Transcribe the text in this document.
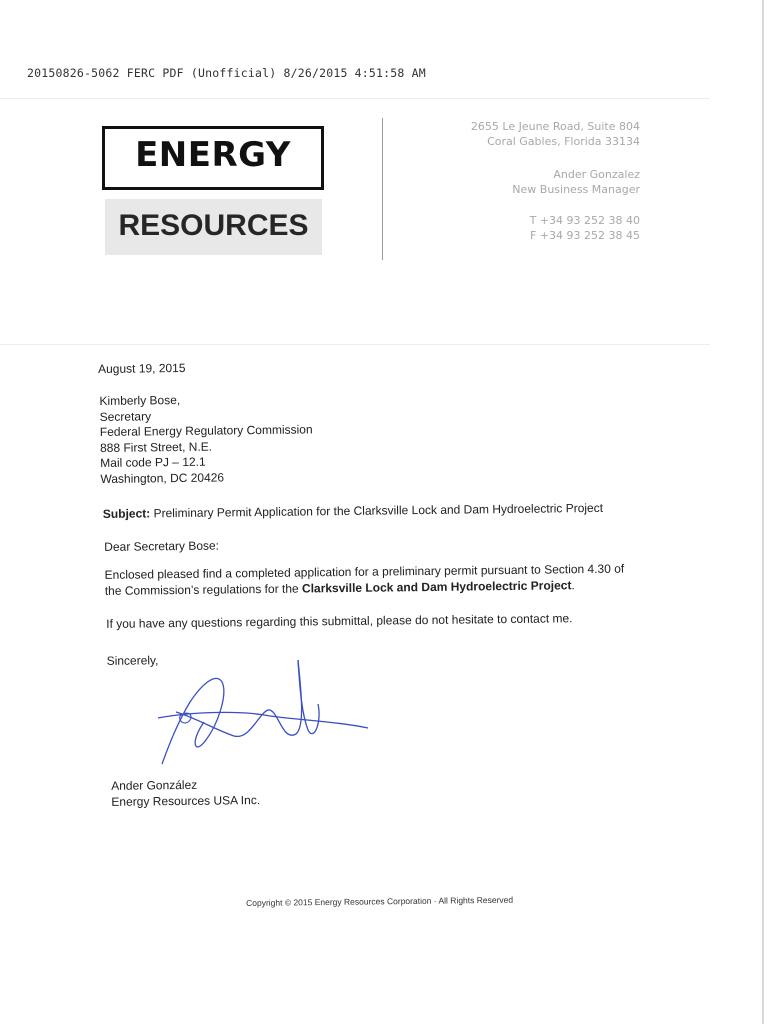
20150826-5062 FERC PDF (Unofficial) 8/26/2015 4:51:58 AM
ENERGY
RESOURCES
2655 Le Jeune Road, Suite 804
Coral Gables, Florida 33134
Ander Gonzalez
New Business Manager
T +34 93 252 38 40
F +34 93 252 38 45

August 19, 2015

Kimberly Bose,
Secretary
Federal Energy Regulatory Commission
888 First Street, N.E.
Mail code PJ – 12.1
Washington, DC 20426

Subject: Preliminary Permit Application for the Clarksville Lock and Dam Hydroelectric Project

Dear Secretary Bose:

Enclosed pleased find a completed application for a preliminary permit pursuant to Section 4.30 of
the Commission’s regulations for the Clarksville Lock and Dam Hydroelectric Project.

If you have any questions regarding this submittal, please do not hesitate to contact me.

Sincerely,

Ander González
Energy Resources USA Inc.
Copyright © 2015 Energy Resources Corporation · All Rights Reserved
